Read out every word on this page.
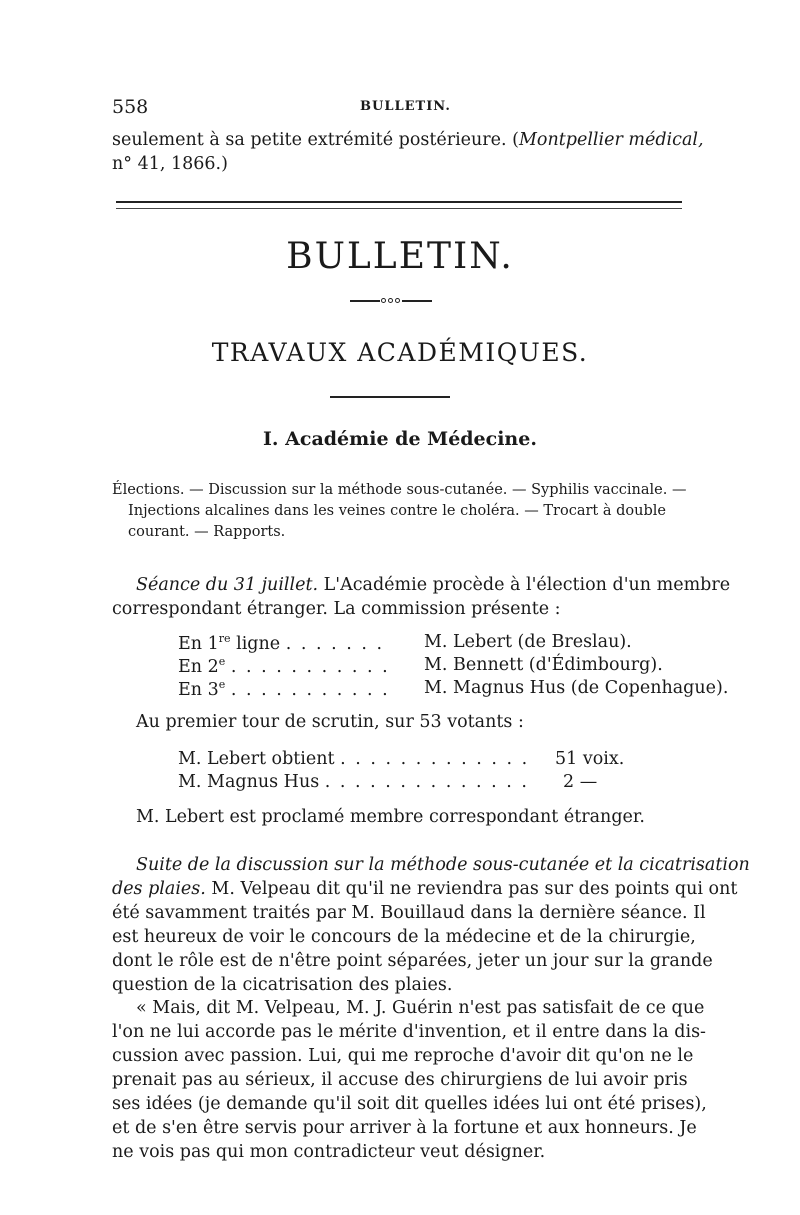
558	BULLETIN.
seulement à sa petite extrémité postérieure. (Montpellier médical,
n° 41, 1866.)
BULLETIN.
TRAVAUX ACADÉMIQUES.
I. Académie de Médecine.
Élections. — Discussion sur la méthode sous-cutanée. — Syphilis vaccinale. —
Injections alcalines dans les veines contre le choléra. — Trocart à double
courant. — Rapports.
Séance du 31 juillet. L'Académie procède à l'élection d'un membre
correspondant étranger. La commission présente :
En 1re ligne . . . . . . . M. Lebert (de Breslau).
En 2e . . . . . . . . . . . M. Bennett (d'Édimbourg).
En 3e . . . . . . . . . . . M. Magnus Hus (de Copenhague).
Au premier tour de scrutin, sur 53 votants :
M. Lebert obtient . . . . . . . . . . . . . 51 voix.
M. Magnus Hus . . . . . . . . . . . . . . 2 —
M. Lebert est proclamé membre correspondant étranger.
Suite de la discussion sur la méthode sous-cutanée et la cicatrisation
des plaies. M. Velpeau dit qu'il ne reviendra pas sur des points qui ont
été savamment traités par M. Bouillaud dans la dernière séance. Il
est heureux de voir le concours de la médecine et de la chirurgie,
dont le rôle est de n'être point séparées, jeter un jour sur la grande
question de la cicatrisation des plaies.
« Mais, dit M. Velpeau, M. J. Guérin n'est pas satisfait de ce que
l'on ne lui accorde pas le mérite d'invention, et il entre dans la dis-
cussion avec passion. Lui, qui me reproche d'avoir dit qu'on ne le
prenait pas au sérieux, il accuse des chirurgiens de lui avoir pris
ses idées (je demande qu'il soit dit quelles idées lui ont été prises),
et de s'en être servis pour arriver à la fortune et aux honneurs. Je
ne vois pas qui mon contradicteur veut désigner.
